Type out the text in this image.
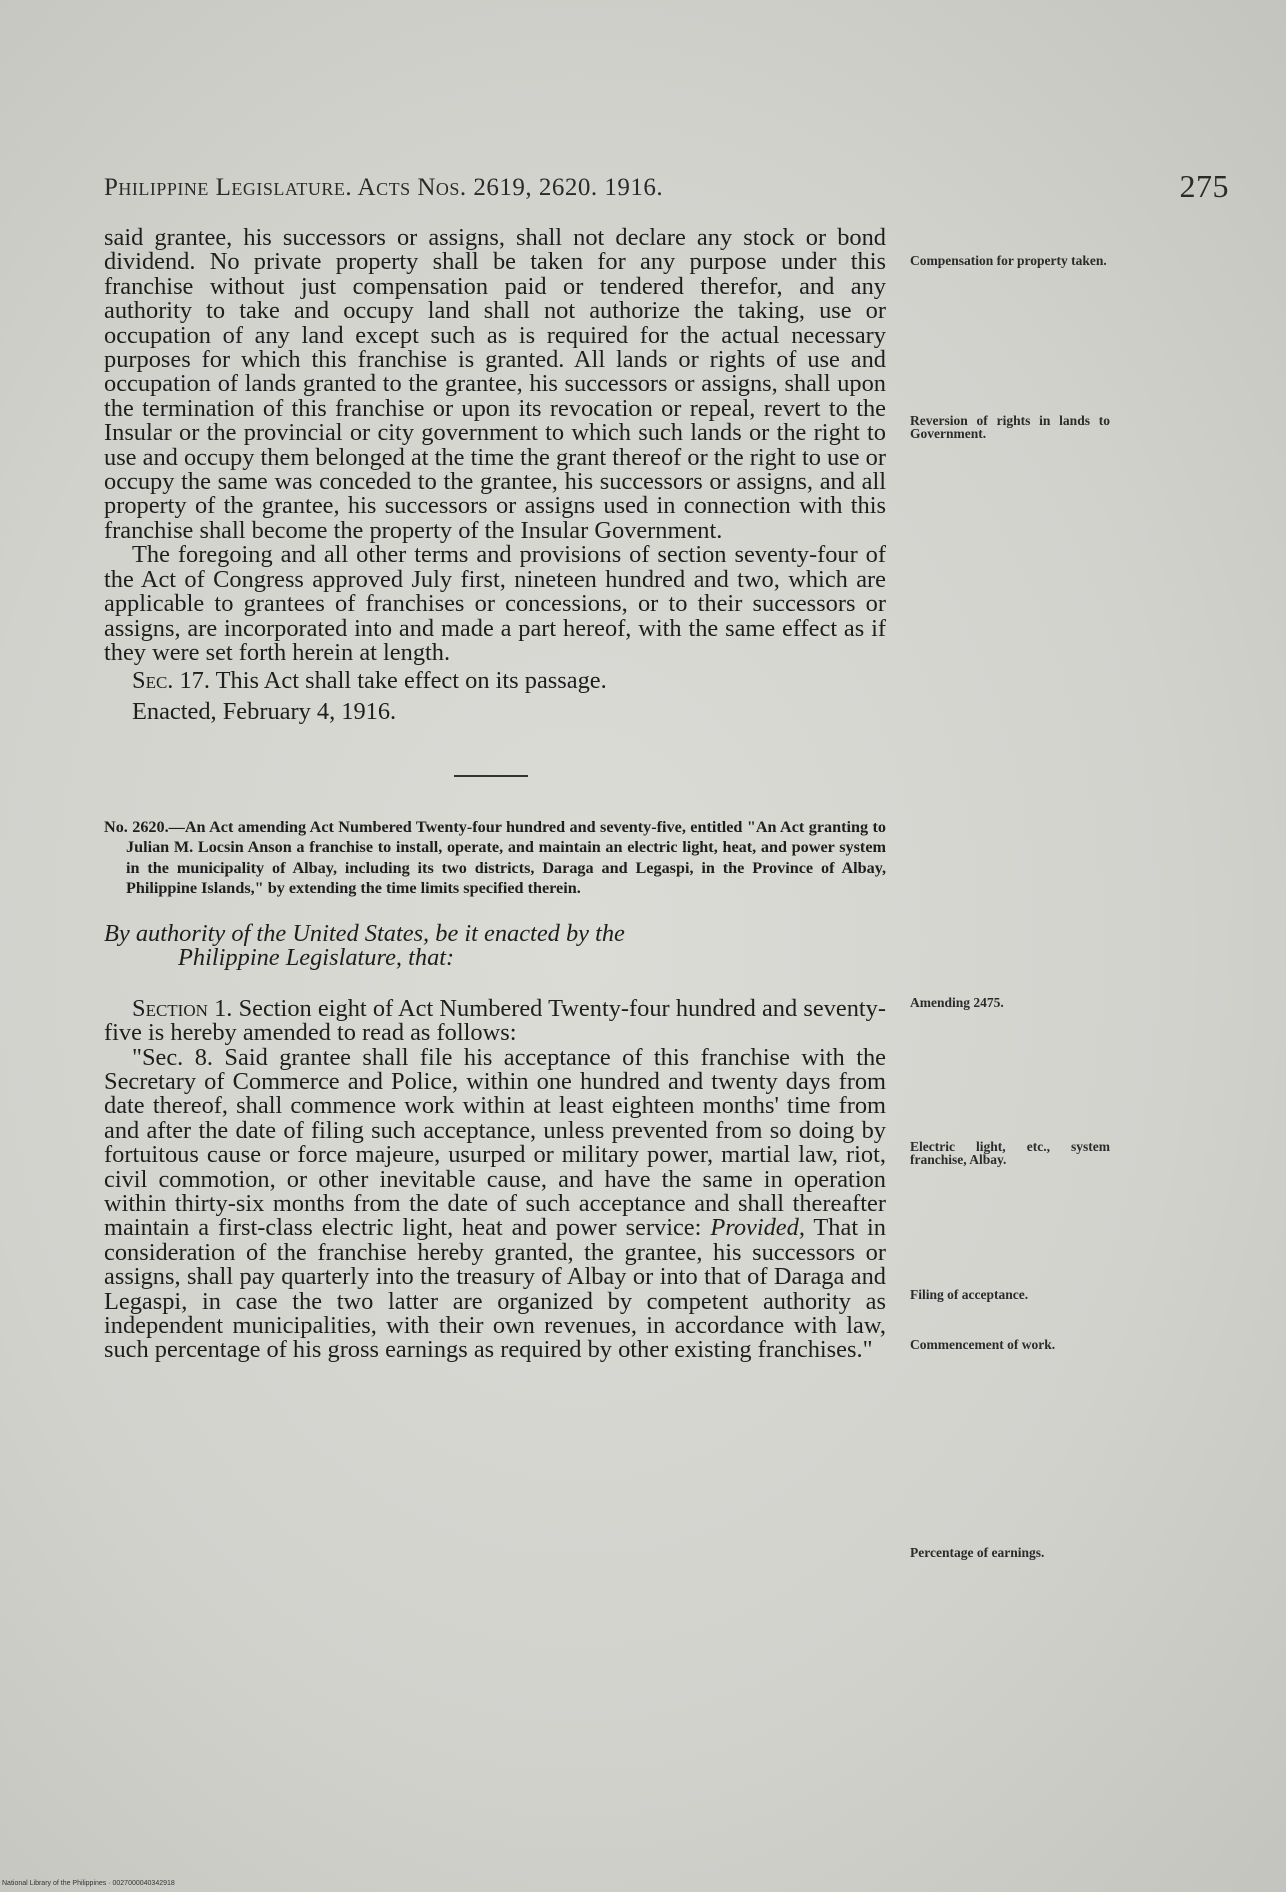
Philippine Legislature. Acts Nos. 2619, 2620. 1916.	275

said grantee, his successors or assigns, shall not declare any stock or bond dividend. No private property shall be taken for any purpose under this franchise without just compensation paid or tendered therefor, and any authority to take and occupy land shall not authorize the taking, use or occupation of any land except such as is required for the actual necessary purposes for which this franchise is granted. All lands or rights of use and occupation of lands granted to the grantee, his successors or assigns, shall upon the termination of this franchise or upon its revocation or repeal, revert to the Insular or the provincial or city government to which such lands or the right to use and occupy them belonged at the time the grant thereof or the right to use or occupy the same was conceded to the grantee, his successors or assigns, and all property of the grantee, his successors or assigns used in connection with this franchise shall become the property of the Insular Government.

The foregoing and all other terms and provisions of section seventy-four of the Act of Congress approved July first, nineteen hundred and two, which are applicable to grantees of franchises or concessions, or to their successors or assigns, are incorporated into and made a part hereof, with the same effect as if they were set forth herein at length.

Sec. 17. This Act shall take effect on its passage.

Enacted, February 4, 1916.

No. 2620.—An Act amending Act Numbered Twenty-four hundred and seventy-five, entitled "An Act granting to Julian M. Locsin Anson a franchise to install, operate, and maintain an electric light, heat, and power system in the municipality of Albay, including its two districts, Daraga and Legaspi, in the Province of Albay, Philippine Islands," by extending the time limits specified therein.

By authority of the United States, be it enacted by the
Philippine Legislature, that:

Section 1. Section eight of Act Numbered Twenty-four hundred and seventy-five is hereby amended to read as follows:

"Sec. 8. Said grantee shall file his acceptance of this franchise with the Secretary of Commerce and Police, within one hundred and twenty days from date thereof, shall commence work within at least eighteen months' time from and after the date of filing such acceptance, unless prevented from so doing by fortuitous cause or force majeure, usurped or military power, martial law, riot, civil commotion, or other inevitable cause, and have the same in operation within thirty-six months from the date of such acceptance and shall thereafter maintain a first-class electric light, heat and power service: Provided, That in consideration of the franchise hereby granted, the grantee, his successors or assigns, shall pay quarterly into the treasury of Albay or into that of Daraga and Legaspi, in case the two latter are organized by competent authority as independent municipalities, with their own revenues, in accordance with law, such percentage of his gross earnings as required by other existing franchises."

Compensation for property taken.
Reversion of rights in lands to Government.
Amending 2475.
Electric light, etc., system franchise, Albay.
Filing of acceptance.
Commencement of work.
Percentage of earnings.
National Library of the Philippines · 0027000040342918
